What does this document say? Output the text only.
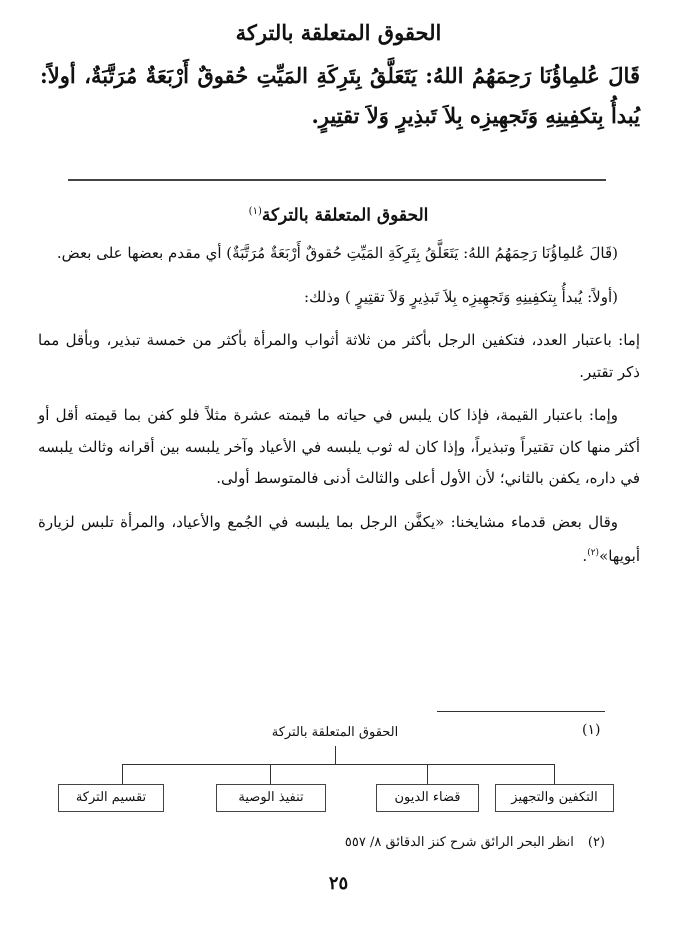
الحقوق المتعلقة بالتركة
قَالَ عُلمِاؤُنَا رَحِمَهُمُ اللهُ: يَتَعَلَّقُ بِتَرِكَةِ المَيِّتِ حُقوقٌ أَرْبَعَةٌ مُرَتَّبَةٌ، أولاً: يُبدأُ بِتكفِينِهِ وَتَجهِيزِه بِلاَ تَبذِيرٍ وَلاَ تقتِيرٍ.
الحقوق المتعلقة بالتركة$^{(١)}$

(قَالَ عُلمِاؤُنَا رَحِمَهُمُ اللهُ: يَتَعَلَّقُ بِتَرِكَةِ المَيِّتِ حُقوقٌ أَرْبَعَةٌ مُرَتَّبَةٌ) أي مقدم بعضها على بعض.

(أولاً: يُبدأُ بِتكفِينِهِ وَتَجهِيزِه بِلاَ تَبذِيرٍ وَلاَ تقتِيرٍ ) وذلك:

إما: باعتبار العدد، فتكفين الرجل بأكثر من ثلاثة أثواب والمرأة بأكثر من خمسة تبذير، وبأقل مما ذكر تقتير.

وإما: باعتبار القيمة، فإذا كان يلبس في حياته ما قيمته عشرة مثلاً فلو كفن بما قيمته أقل أو أكثر منها كان تقتيراً وتبذيراً، وإذا كان له ثوب يلبسه في الأعياد وآخر يلبسه بين أقرانه وثالث يلبسه في داره، يكفن بالثاني؛ لأن الأول أعلى والثالث أدنى فالمتوسط أولى.

وقال بعض قدماء مشايخنا: «يكفَّن الرجل بما يلبسه في الجُمع والأعياد، والمرأة تلبس لزيارة أبويها»$^{(٢)}$.

(١)
الحقوق المتعلقة بالتركة
التكفين والتجهيز
قضاء الديون
تنفيذ الوصية
تقسيم التركة
(٢)انظر البحر الرائق شرح كنز الدقائق ٨/ ٥٥٧
٢٥
